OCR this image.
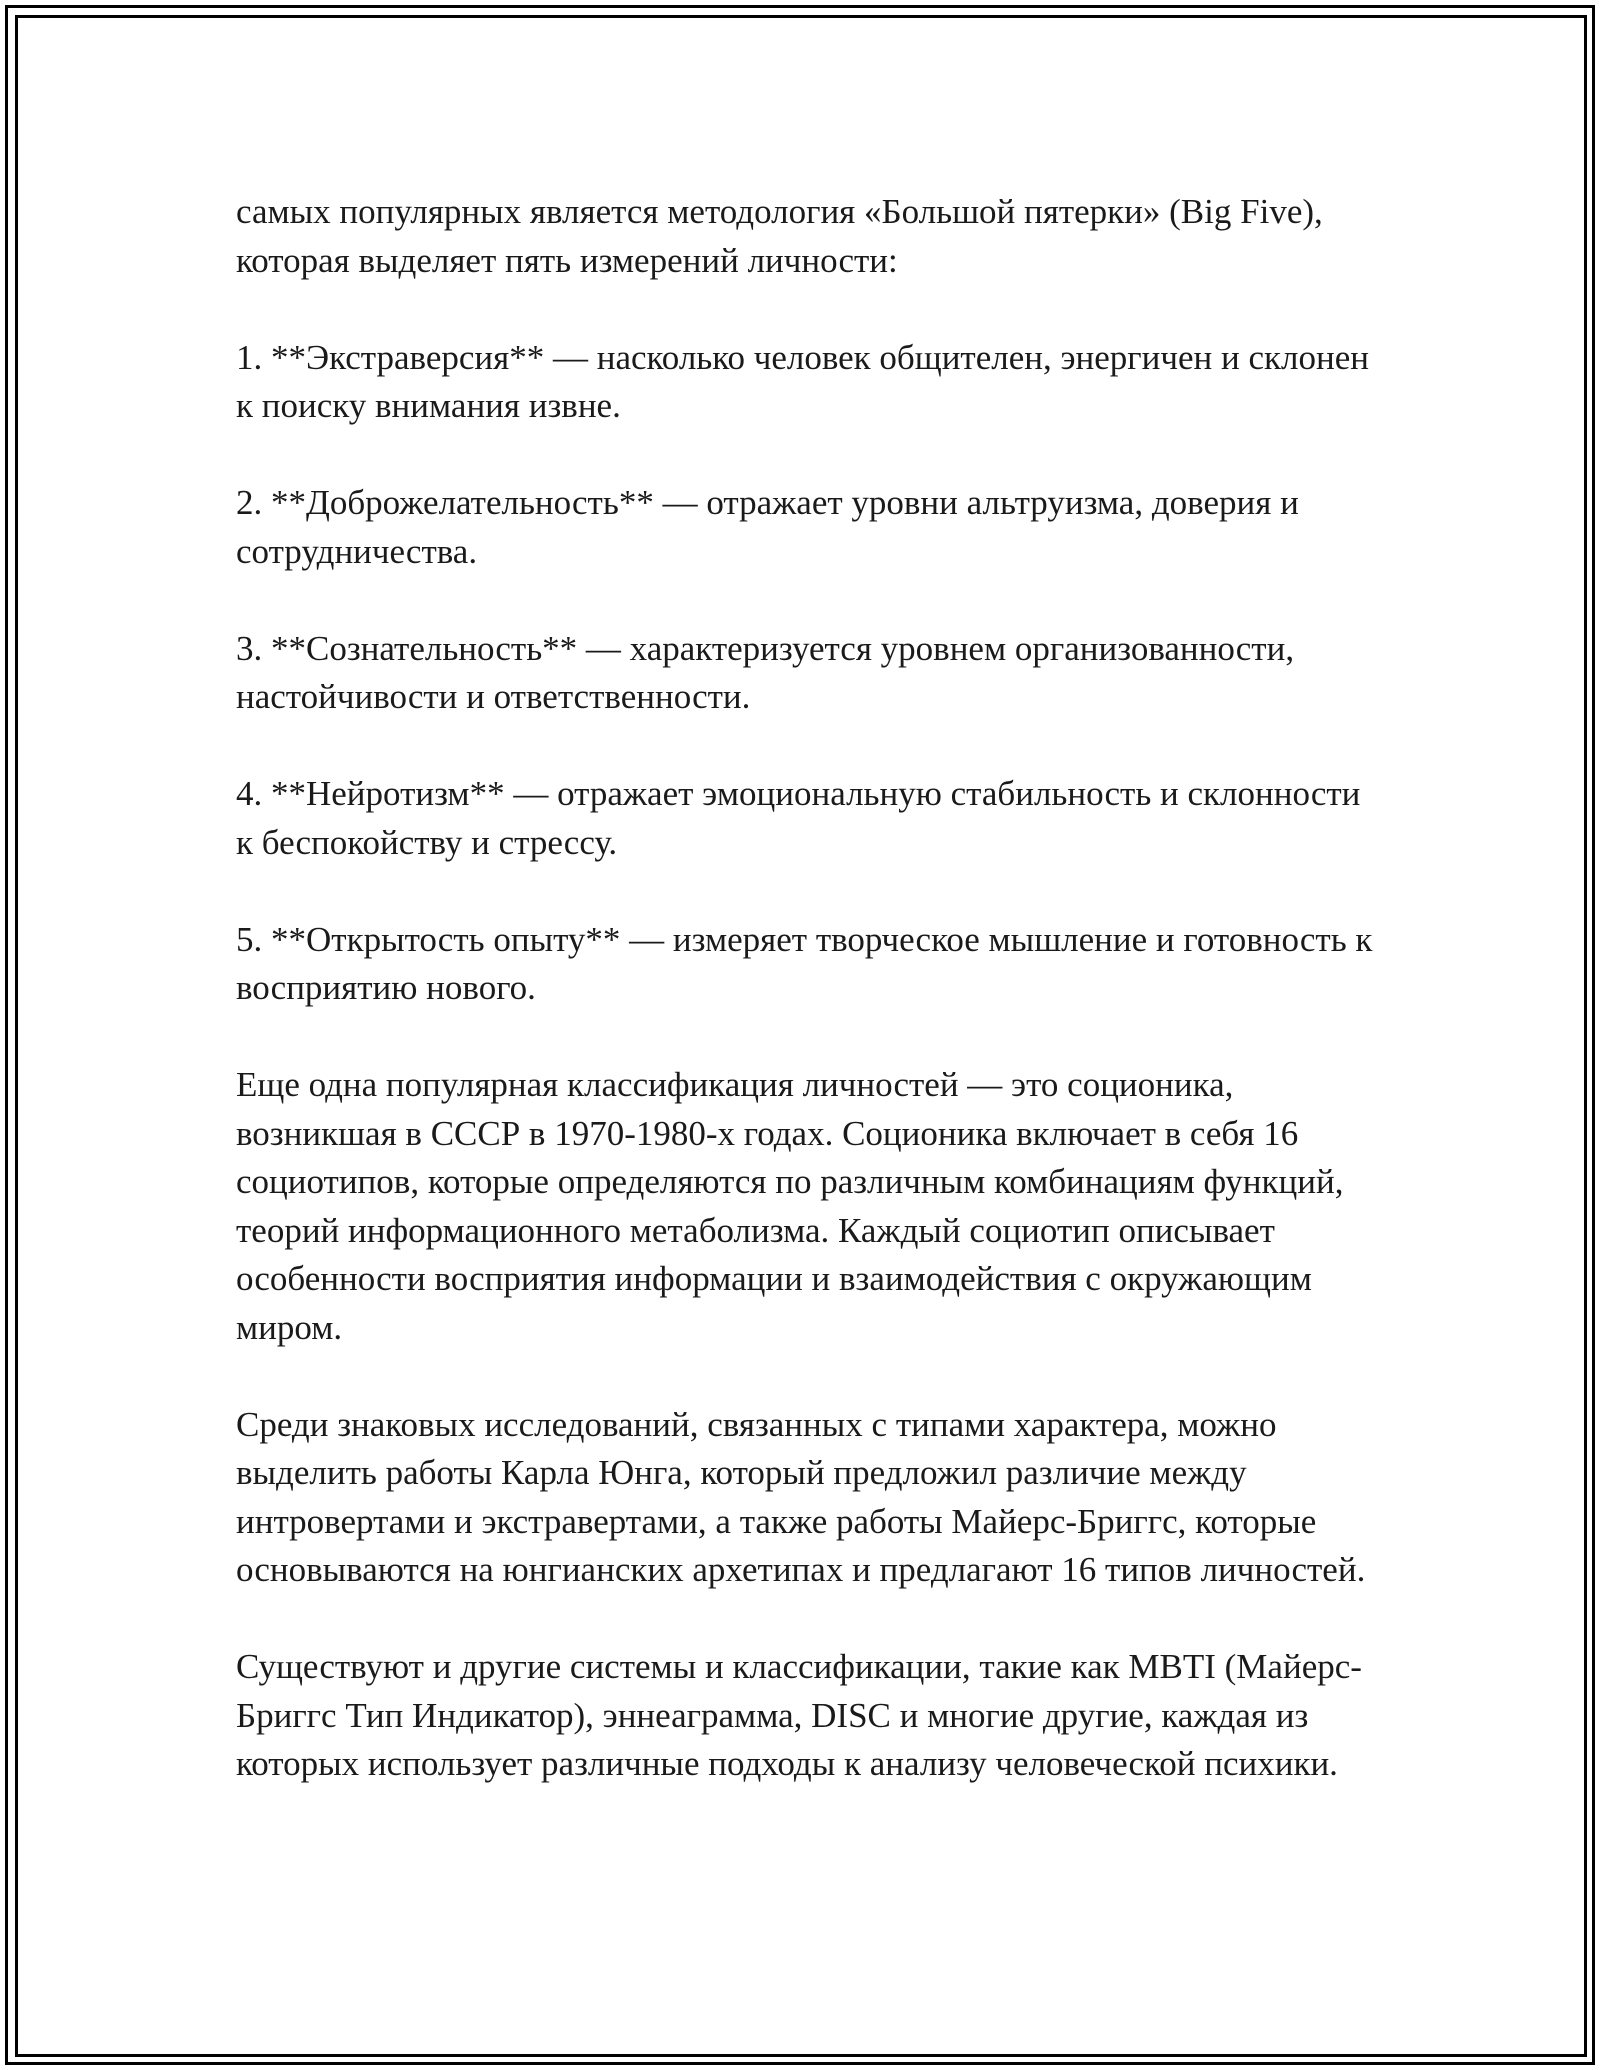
самых популярных является методология «Большой пятерки» (Big Five), которая выделяет пять измерений личности:

1. **Экстраверсия** — насколько человек общителен, энергичен и склонен к поиску внимания извне.

2. **Доброжелательность** — отражает уровни альтруизма, доверия и сотрудничества.

3. **Сознательность** — характеризуется уровнем организованности, настойчивости и ответственности.

4. **Нейротизм** — отражает эмоциональную стабильность и склонности к беспокойству и стрессу.

5. **Открытость опыту** — измеряет творческое мышление и готовность к восприятию нового.

Еще одна популярная классификация личностей — это соционика, возникшая в СССР в 1970-1980-х годах. Соционика включает в себя 16 социотипов, которые определяются по различным комбинациям функций, теорий информационного метаболизма. Каждый социотип описывает особенности восприятия информации и взаимодействия с окружающим миром.

Среди знаковых исследований, связанных с типами характера, можно выделить работы Карла Юнга, который предложил различие между интровертами и экстравертами, а также работы Майерс-Бриггс, которые основываются на юнгианских архетипах и предлагают 16 типов личностей.

Существуют и другие системы и классификации, такие как MBTI (Майерс-Бриггс Тип Индикатор), эннеаграмма, DISC и многие другие, каждая из которых использует различные подходы к анализу человеческой психики.
